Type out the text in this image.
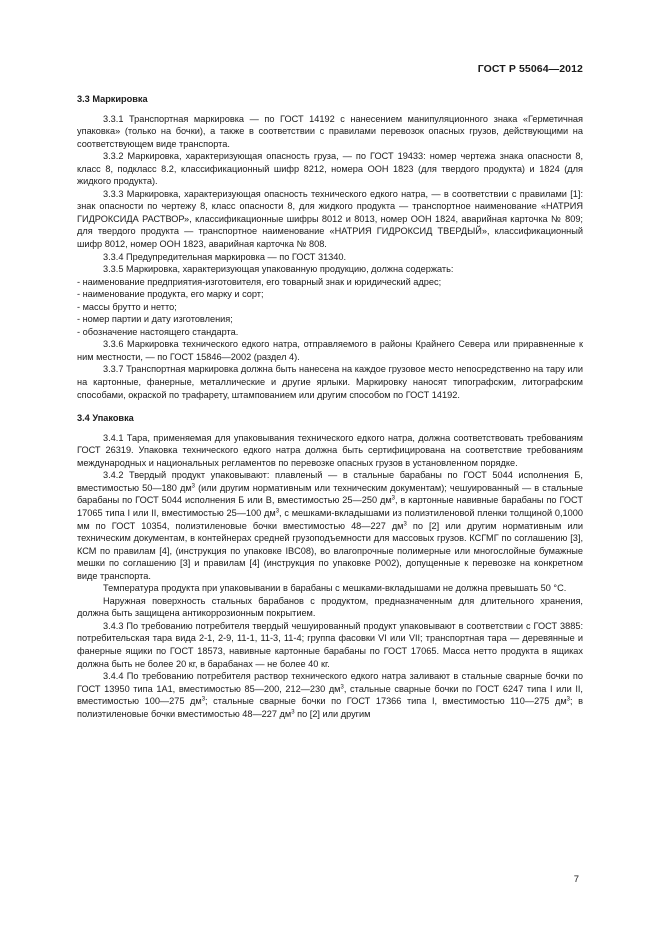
ГОСТ Р 55064—2012
3.3 Маркировка

3.3.1 Транспортная маркировка — по ГОСТ 14192 с нанесением манипуляционного знака «Герметичная упаковка» (только на бочки), а также в соответствии с правилами перевозок опасных грузов, действующими на соответствующем виде транспорта.

3.3.2 Маркировка, характеризующая опасность груза, — по ГОСТ 19433: номер чертежа знака опасности 8, класс 8, подкласс 8.2, классификационный шифр 8212, номера ООН 1823 (для твердого продукта) и 1824 (для жидкого продукта).

3.3.3 Маркировка, характеризующая опасность технического едкого натра, — в соответствии с правилами [1]: знак опасности по чертежу 8, класс опасности 8, для жидкого продукта — транспортное наименование «НАТРИЯ ГИДРОКСИДА РАСТВОР», классификационные шифры 8012 и 8013, номер ООН 1824, аварийная карточка № 809; для твердого продукта — транспортное наименование «НАТРИЯ ГИДРОКСИД ТВЕРДЫЙ», классификационный шифр 8012, номер ООН 1823, аварийная карточка № 808.

3.3.4 Предупредительная маркировка — по ГОСТ 31340.

3.3.5 Маркировка, характеризующая упакованную продукцию, должна содержать:

- наименование предприятия-изготовителя, его товарный знак и юридический адрес;
- наименование продукта, его марку и сорт;
- массы брутто и нетто;
- номер партии и дату изготовления;
- обозначение настоящего стандарта.

3.3.6 Маркировка технического едкого натра, отправляемого в районы Крайнего Севера или приравненные к ним местности, — по ГОСТ 15846—2002 (раздел 4).

3.3.7 Транспортная маркировка должна быть нанесена на каждое грузовое место непосредственно на тару или на картонные, фанерные, металлические и другие ярлыки. Маркировку наносят типографским, литографским способами, окраской по трафарету, штампованием или другим способом по ГОСТ 14192.

3.4 Упаковка

3.4.1 Тара, применяемая для упаковывания технического едкого натра, должна соответствовать требованиям ГОСТ 26319. Упаковка технического едкого натра должна быть сертифицирована на соответствие требованиям международных и национальных регламентов по перевозке опасных грузов в установленном порядке.

3.4.2 Твердый продукт упаковывают: плавленый — в стальные барабаны по ГОСТ 5044 исполнения Б, вместимостью 50—180 $дм^3$ (или другим нормативным или техническим документам); чешуированный — в стальные барабаны по ГОСТ 5044 исполнения Б или В, вместимостью 25—250 $дм^3$, в картонные навивные барабаны по ГОСТ 17065 типа I или II, вместимостью 25—100 $дм^3$, с мешками-вкладышами из полиэтиленовой пленки толщиной 0,1000 мм по ГОСТ 10354, полиэтиленовые бочки вместимостью 48—227 $дм^3$ по [2] или другим нормативным или техническим документам, в контейнерах средней грузоподъемности для массовых грузов. КСГМГ по соглашению [3], КСМ по правилам [4], (инструкция по упаковке IBC08), во влагопрочные полимерные или многослойные бумажные мешки по соглашению [3] и правилам [4] (инструкция по упаковке Р002), допущенные к перевозке на конкретном виде транспорта.

Температура продукта при упаковывании в барабаны с мешками-вкладышами не должна превышать 50 °С.

Наружная поверхность стальных барабанов с продуктом, предназначенным для длительного хранения, должна быть защищена антикоррозионным покрытием.

3.4.3 По требованию потребителя твердый чешуированный продукт упаковывают в соответствии с ГОСТ 3885: потребительская тара вида 2-1, 2-9, 11-1, 11-3, 11-4; группа фасовки VI или VII; транспортная тара — деревянные и фанерные ящики по ГОСТ 18573, навивные картонные барабаны по ГОСТ 17065. Масса нетто продукта в ящиках должна быть не более 20 кг, в барабанах — не более 40 кг.

3.4.4 По требованию потребителя раствор технического едкого натра заливают в стальные сварные бочки по ГОСТ 13950 типа 1А1, вместимостью 85—200, 212—230 $дм^3$, стальные сварные бочки по ГОСТ 6247 типа I или II, вместимостью 100—275 $дм^3$; стальные сварные бочки по ГОСТ 17366 типа I, вместимостью 110—275 $дм^3$; в полиэтиленовые бочки вместимостью 48—227 $дм^3$ по [2] или другим

7
